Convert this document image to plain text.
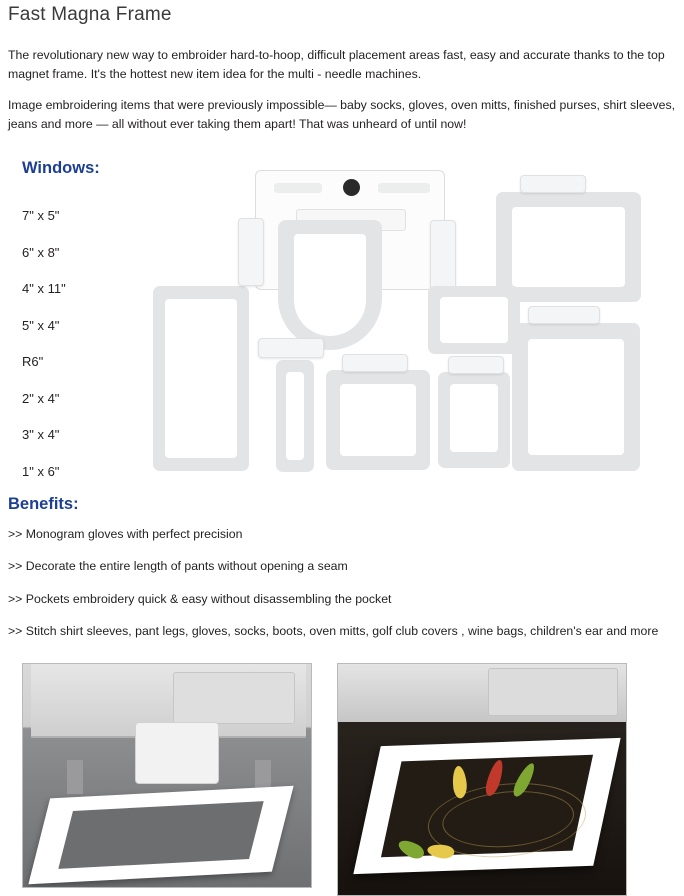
Fast Magna Frame
The revolutionary new way to embroider hard-to-hoop, difficult placement areas fast, easy and accurate thanks to the top magnet frame. It's the hottest new item idea for the multi - needle machines.
Image embroidering items that were previously impossible— baby socks, gloves, oven mitts, finished purses, shirt sleeves, jeans and more — all without ever taking them apart! That was unheard of until now!
Windows:
7" x 5"
6" x 8"
4" x 11"
5" x 4"
R6"
2" x 4"
3" x 4"
1" x 6"
Benefits:
>> Monogram gloves with perfect precision
>> Decorate the entire length of pants without opening a seam
>> Pockets embroidery quick & easy without disassembling the pocket
>> Stitch shirt sleeves, pant legs, gloves, socks, boots, oven mitts, golf club covers , wine bags, children's ear and more
